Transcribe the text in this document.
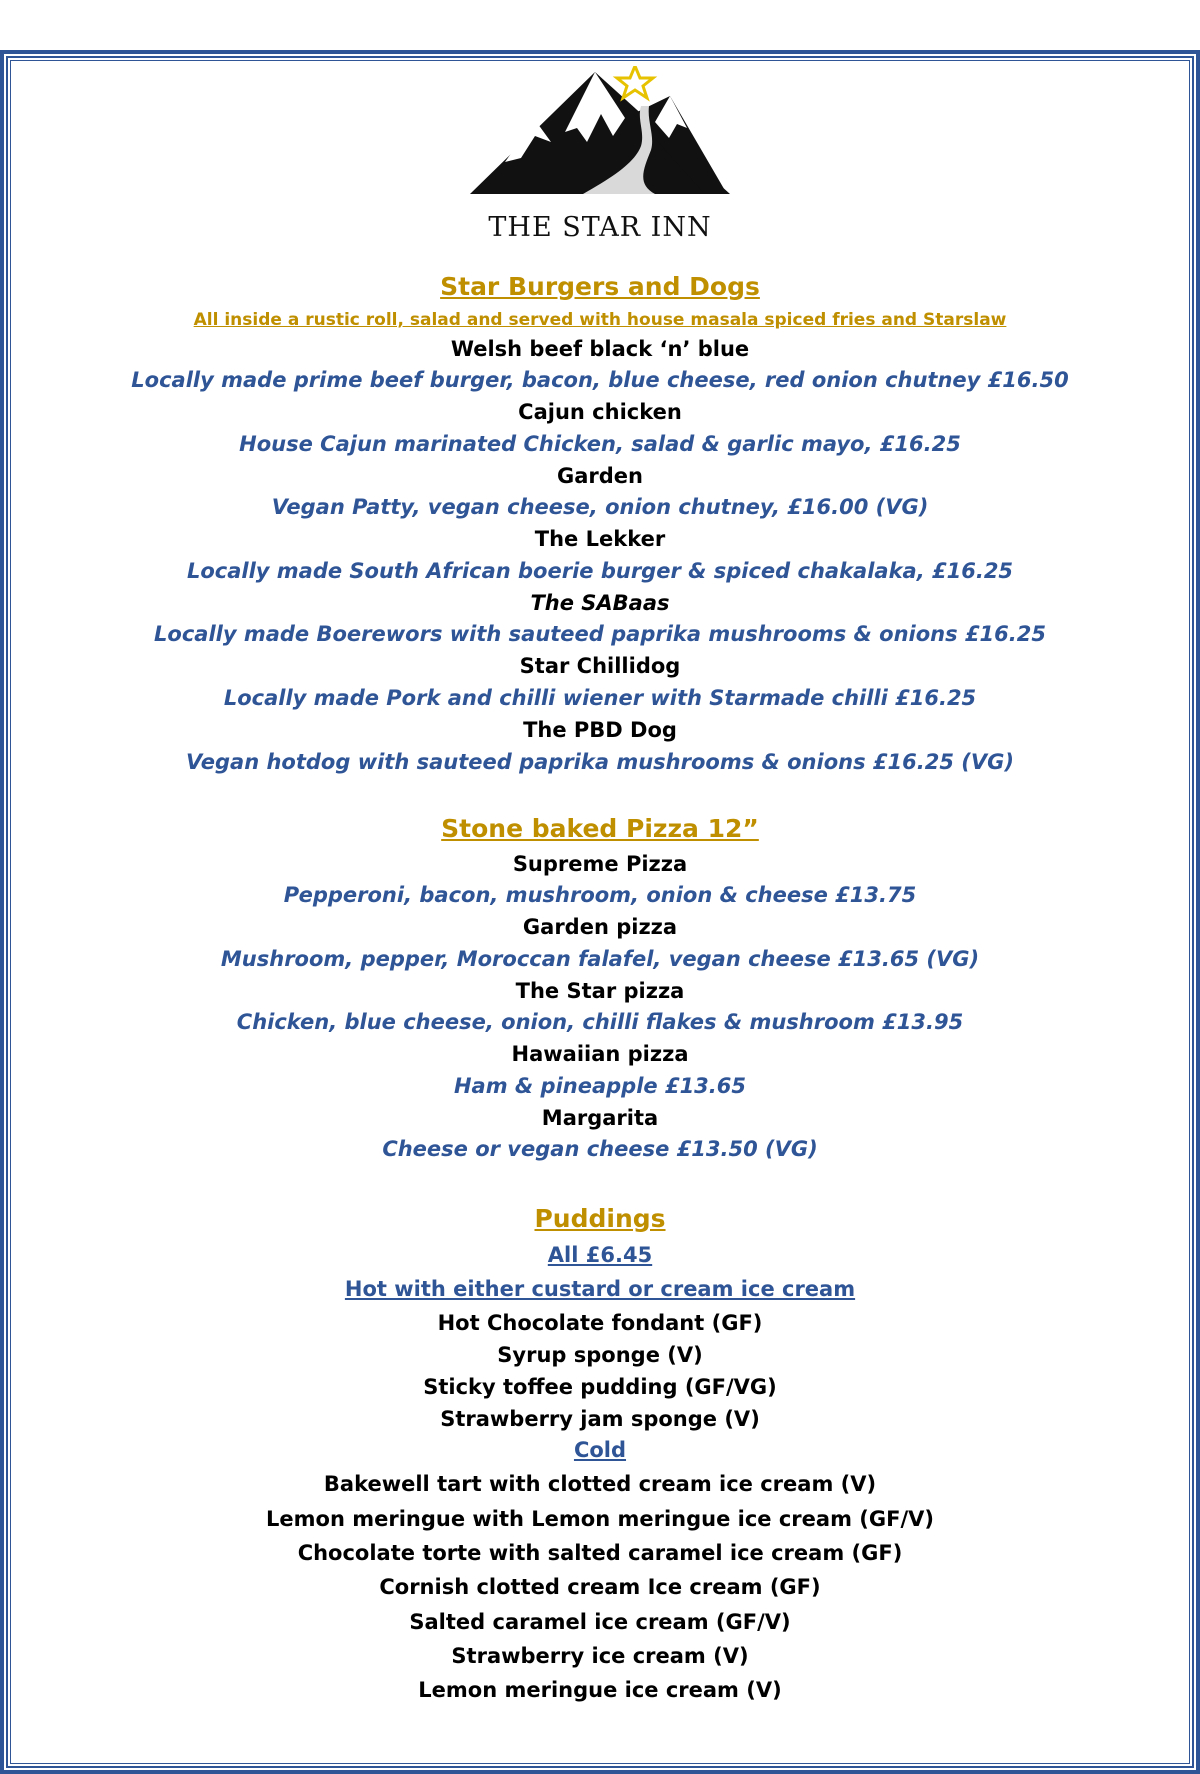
THE STAR INN
Star Burgers and Dogs
All inside a rustic roll, salad and served with house masala spiced fries and Starslaw
Welsh beef black ‘n’ blue
Locally made prime beef burger, bacon, blue cheese, red onion chutney £16.50
Cajun chicken
House Cajun marinated Chicken, salad & garlic mayo, £16.25
Garden
Vegan Patty, vegan cheese, onion chutney, £16.00 (VG)
The Lekker
Locally made South African boerie burger & spiced chakalaka, £16.25
The SABaas
Locally made Boerewors with sauteed paprika mushrooms & onions £16.25
Star Chillidog
Locally made Pork and chilli wiener with Starmade chilli £16.25
The PBD Dog
Vegan hotdog with sauteed paprika mushrooms & onions £16.25 (VG)
Stone baked Pizza 12”
Supreme Pizza
Pepperoni, bacon, mushroom, onion & cheese £13.75
Garden pizza
Mushroom, pepper, Moroccan falafel, vegan cheese £13.65 (VG)
The Star pizza
Chicken, blue cheese, onion, chilli flakes & mushroom £13.95
Hawaiian pizza
Ham & pineapple £13.65
Margarita
Cheese or vegan cheese £13.50 (VG)
Puddings
All £6.45
Hot with either custard or cream ice cream
Hot Chocolate fondant (GF)
Syrup sponge (V)
Sticky toffee pudding (GF/VG)
Strawberry jam sponge (V)
Cold
Bakewell tart with clotted cream ice cream (V)
Lemon meringue with Lemon meringue ice cream (GF/V)
Chocolate torte with salted caramel ice cream (GF)
Cornish clotted cream Ice cream (GF)
Salted caramel ice cream (GF/V)
Strawberry ice cream (V)
Lemon meringue ice cream (V)
